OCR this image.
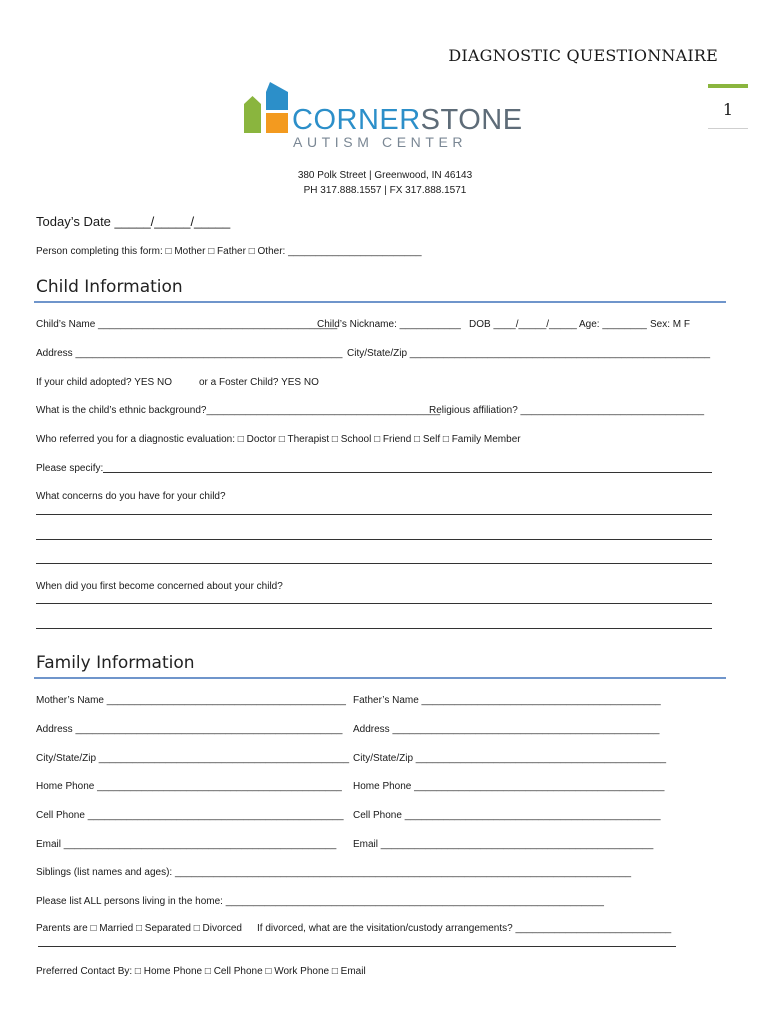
DIAGNOSTIC QUESTIONNAIRE
1
CORNERSTONE
AUTISM CENTER
380 Polk Street | Greenwood, IN 46143
PH 317.888.1557 | FX 317.888.1571
Today’s Date _____/_____/_____
Person completing this form: □ Mother □ Father □ Other: ________________________
Child Information
Child’s Name ___________________________________________
Child’s Nickname: ___________ DOB ____/_____/_____ Age: ________ Sex: M F
Address ________________________________________________ City/State/Zip ______________________________________________________
If your child adopted? YES NO	or a Foster Child? YES NO
What is the child’s ethnic background?__________________________________________
Religious affiliation? _________________________________
Who referred you for a diagnostic evaluation: □ Doctor □ Therapist □ School □ Friend □ Self □ Family Member
Please specify:
What concerns do you have for your child?
When did you first become concerned about your child?
Family Information
Mother’s Name ___________________________________________ Father’s Name ___________________________________________
Address ________________________________________________ Address ________________________________________________
City/State/Zip _____________________________________________ City/State/Zip _____________________________________________
Home Phone ____________________________________________ Home Phone _____________________________________________
Cell Phone ______________________________________________ Cell Phone ______________________________________________
Email _________________________________________________ Email _________________________________________________
Siblings (list names and ages): __________________________________________________________________________________
Please list ALL persons living in the home: ____________________________________________________________________
Parents are □ Married □ Separated □ Divorced If divorced, what are the visitation/custody arrangements? ____________________________
Preferred Contact By: □ Home Phone □ Cell Phone □ Work Phone □ Email
